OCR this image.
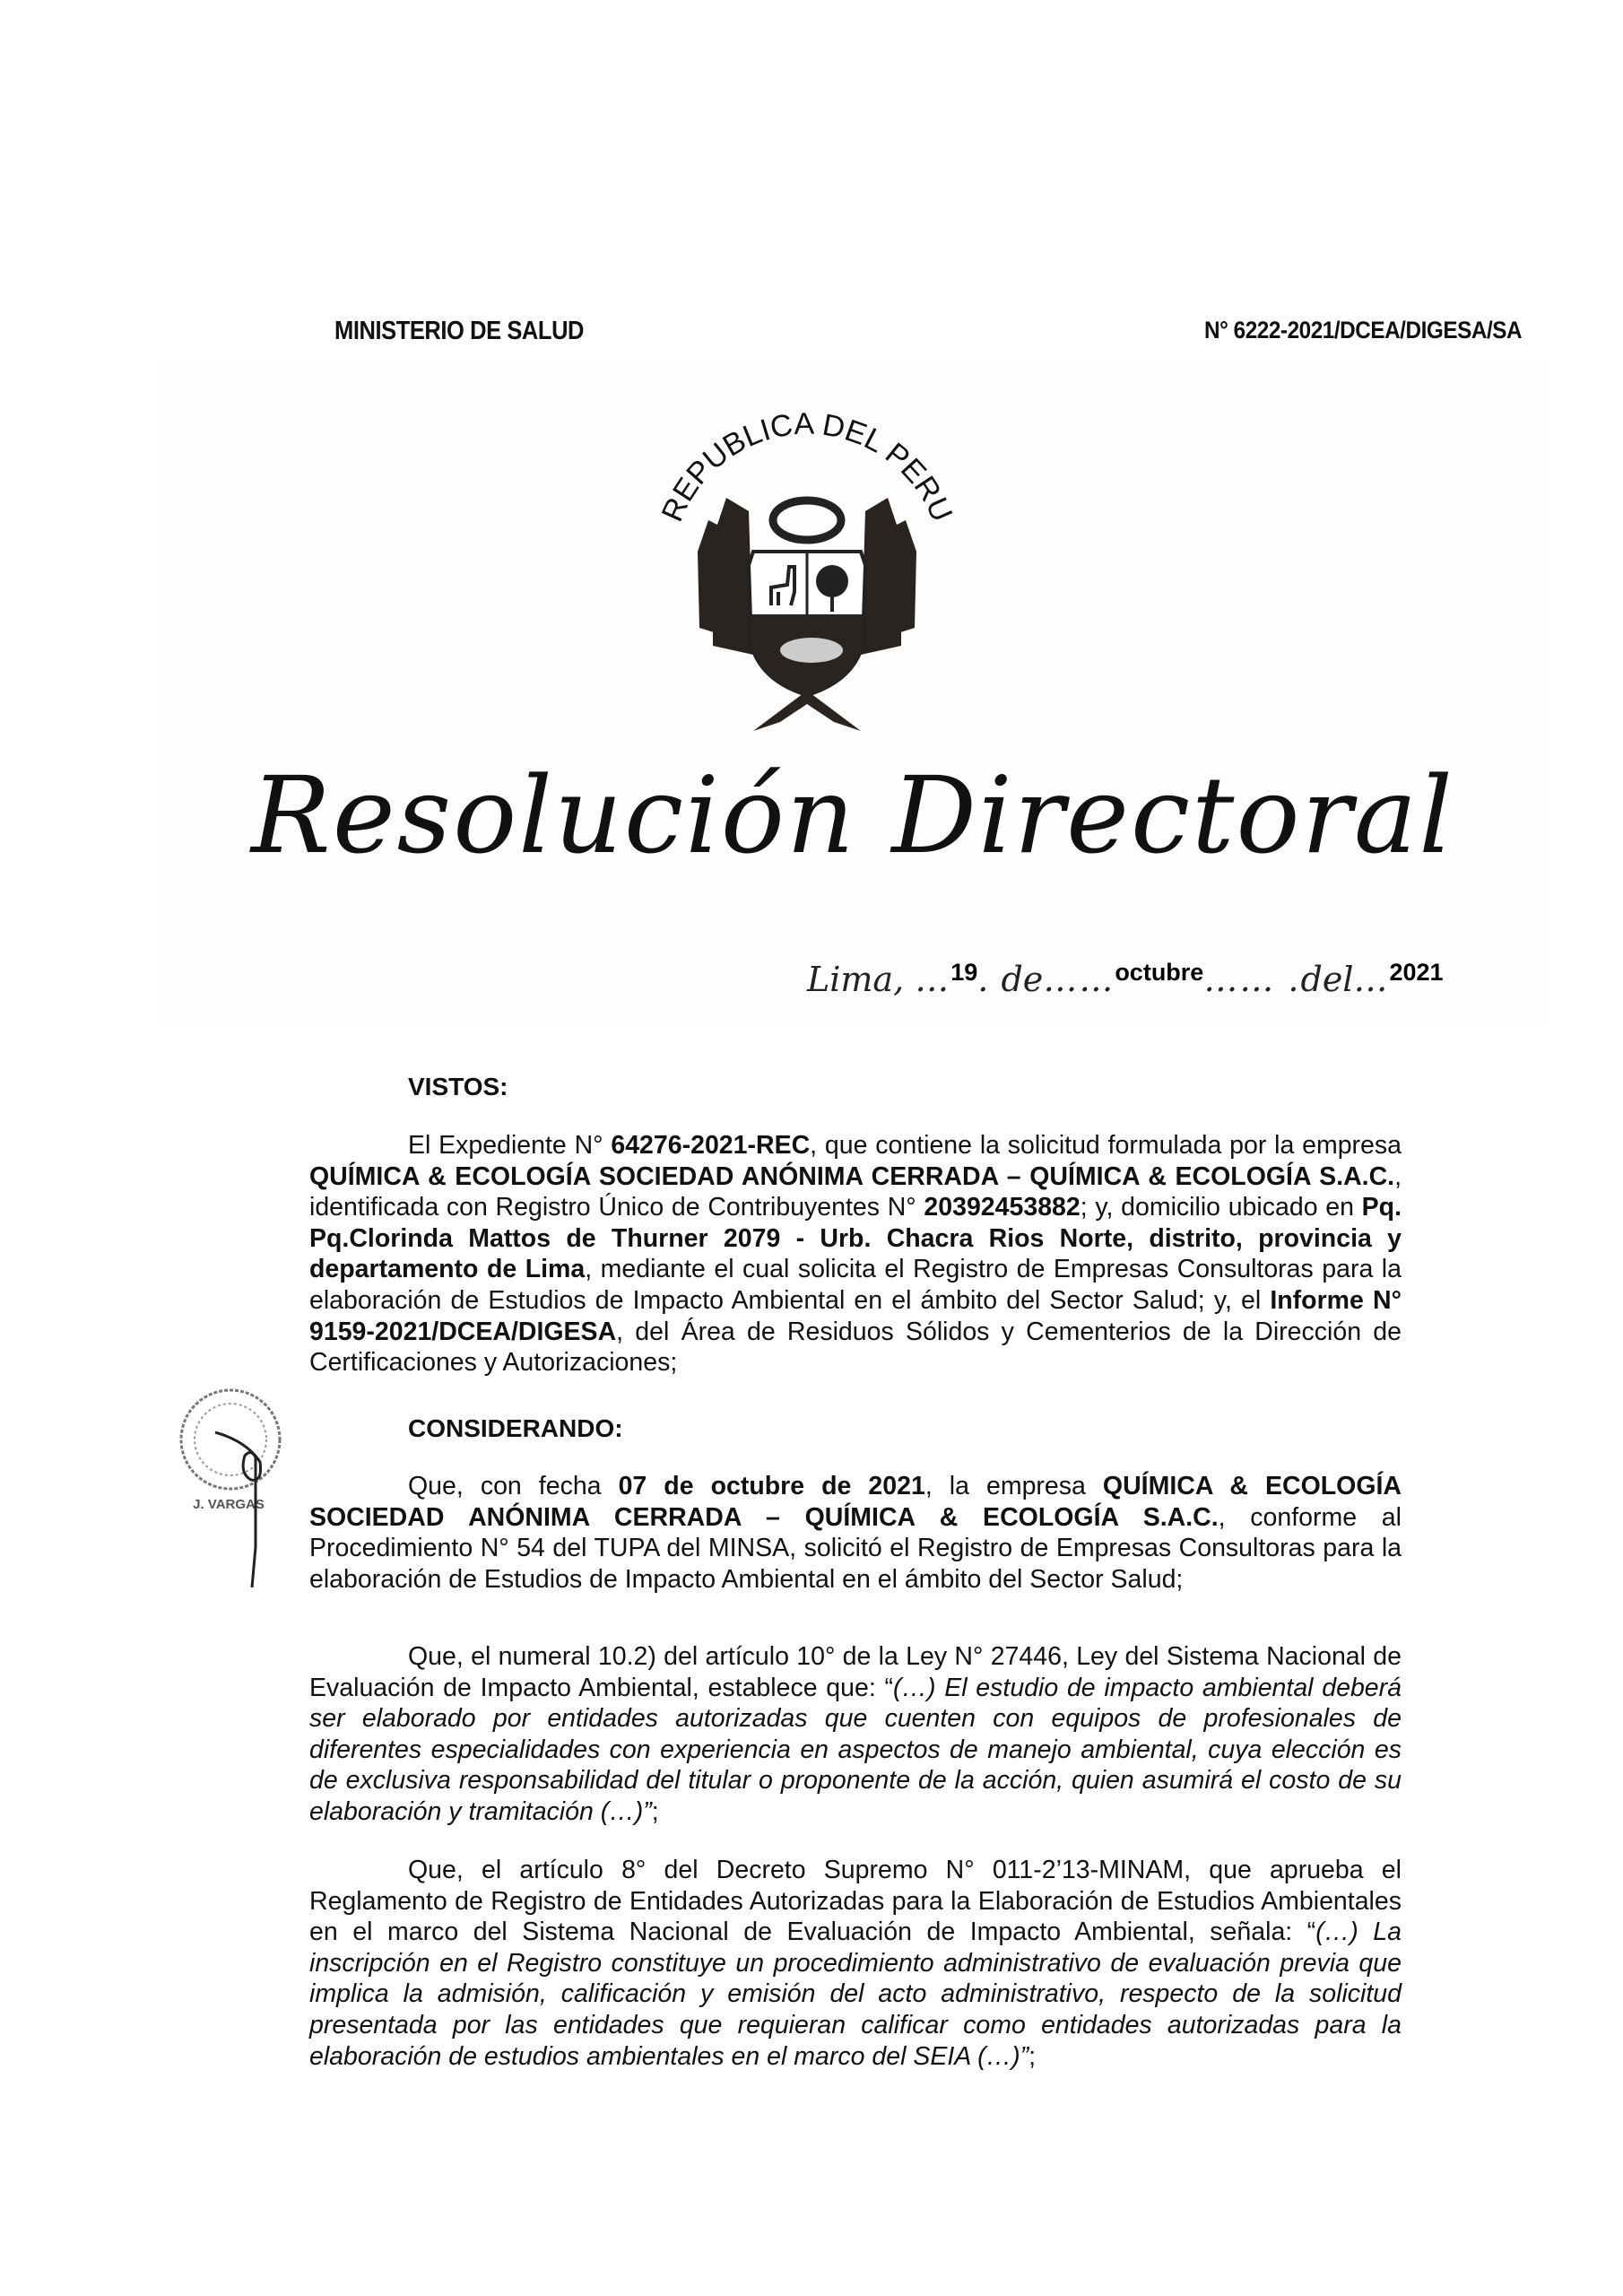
MINISTERIO DE SALUD	N° 6222-2021/DCEA/DIGESA/SA
REPUBLICA DEL PERU
Resolución Directoral
Lima, …$^{19}$. de……$^{octubre}$…… .del…$^{2021}$
VISTOS:

El Expediente N° 64276-2021-REC, que contiene la solicitud formulada por la empresa QUÍMICA & ECOLOGÍA SOCIEDAD ANÓNIMA CERRADA – QUÍMICA & ECOLOGÍA S.A.C., identificada con Registro Único de Contribuyentes N° 20392453882; y, domicilio ubicado en Pq. Pq.Clorinda Mattos de Thurner 2079 - Urb. Chacra Rios Norte, distrito, provincia y departamento de Lima, mediante el cual solicita el Registro de Empresas Consultoras para la elaboración de Estudios de Impacto Ambiental en el ámbito del Sector Salud; y, el Informe N° 9159-2021/DCEA/DIGESA, del Área de Residuos Sólidos y Cementerios de la Dirección de Certificaciones y Autorizaciones;

CONSIDERANDO:

Que, con fecha 07 de octubre de 2021, la empresa QUÍMICA & ECOLOGÍA SOCIEDAD ANÓNIMA CERRADA – QUÍMICA & ECOLOGÍA S.A.C., conforme al Procedimiento N° 54 del TUPA del MINSA, solicitó el Registro de Empresas Consultoras para la elaboración de Estudios de Impacto Ambiental en el ámbito del Sector Salud;

Que, el numeral 10.2) del artículo 10° de la Ley N° 27446, Ley del Sistema Nacional de Evaluación de Impacto Ambiental, establece que: “(…) El estudio de impacto ambiental deberá ser elaborado por entidades autorizadas que cuenten con equipos de profesionales de diferentes especialidades con experiencia en aspectos de manejo ambiental, cuya elección es de exclusiva responsabilidad del titular o proponente de la acción, quien asumirá el costo de su elaboración y tramitación (…)”;

Que, el artículo 8° del Decreto Supremo N° 011-2’13-MINAM, que aprueba el Reglamento de Registro de Entidades Autorizadas para la Elaboración de Estudios Ambientales en el marco del Sistema Nacional de Evaluación de Impacto Ambiental, señala: “(…) La inscripción en el Registro constituye un procedimiento administrativo de evaluación previa que implica la admisión, calificación y emisión del acto administrativo, respecto de la solicitud presentada por las entidades que requieran calificar como entidades autorizadas para la elaboración de estudios ambientales en el marco del SEIA (…)”;

J. VARGAS
